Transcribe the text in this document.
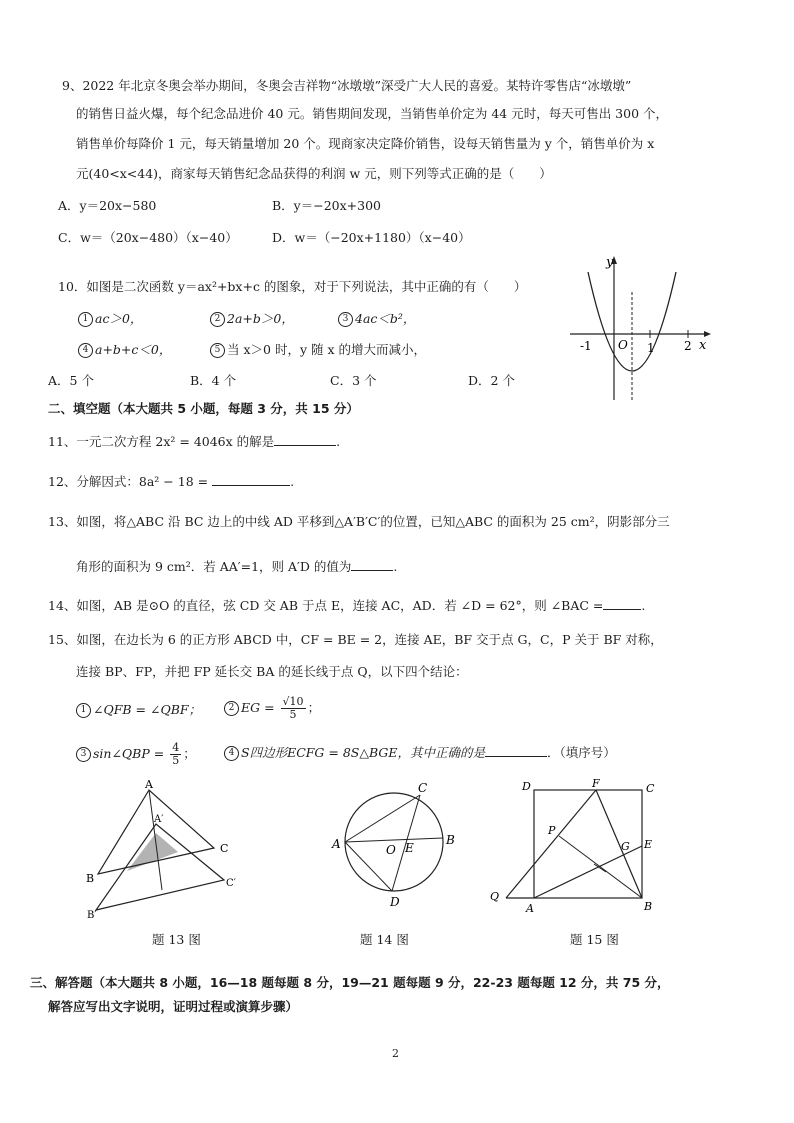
9、2022 年北京冬奥会举办期间，冬奥会吉祥物“冰墩墩”深受广大人民的喜爱。某特许零售店“冰墩墩”
的销售日益火爆，每个纪念品进价 40 元。销售期间发现，当销售单价定为 44 元时，每天可售出 300 个，
销售单价每降价 1 元，每天销量增加 20 个。现商家决定降价销售，设每天销售量为 y 个，销售单价为 x
元(40<x<44)，商家每天销售纪念品获得的利润 w 元，则下列等式正确的是（　　）
A．y＝20x−580	B．y＝−20x+300
C．w＝（20x−480）（x−40）	D．w＝（−20x+1180）（x−40）
10．如图是二次函数 y＝ax²+bx+c 的图象，对于下列说法，其中正确的有（　　）
1 ac＞0，	2 2a+b＞0，	3 4ac＜b²，
4 a+b+c＜0，	5 当 x＞0 时，y 随 x 的增大而减小，
A．5 个	B．4 个	C．3 个	D．2 个
y
x
O
-1	1 2
二、填空题（本大题共 5 小题，每题 3 分，共 15 分）
11、一元二次方程 2x² = 4046x 的解是	.
12、分解因式：8a² − 18 =	.
13、如图，将△ABC 沿 BC 边上的中线 AD 平移到△A′B′C′的位置，已知△ABC 的面积为 25 cm²，阴影部分三
角形的面积为 9 cm²．若 AA′=1，则 A′D 的值为	.
14、如图，AB 是⊙O 的直径，弦 CD 交 AB 于点 E，连接 AC，AD．若 ∠D = 62°，则 ∠BAC =	.
15、如图，在边长为 6 的正方形 ABCD 中，CF = BE = 2，连接 AE，BF 交于点 G，C，P 关于 BF 对称，
连接 BP、FP，并把 FP 延长交 BA 的延长线于点 Q，以下四个结论：
1 ∠QFB = ∠QBF；	2 EG = $\frac{√10}{5}$ ；
3 sin∠QBP = $\frac{4}{5}$ ；	4 S四边形ECFG = 8S△BGE，其中正确的是	．（填序号）
A
A′
B
B′
C
C′
题 13 图
A	B
C
D
O E
题 14 图
D	F	C
P
G E
Q
A	B
题 15 图
三、解答题（本大题共 8 小题，16—18 题每题 8 分，19—21 题每题 9 分，22-23 题每题 12 分，共 75 分，
解答应写出文字说明，证明过程或演算步骤）
2
